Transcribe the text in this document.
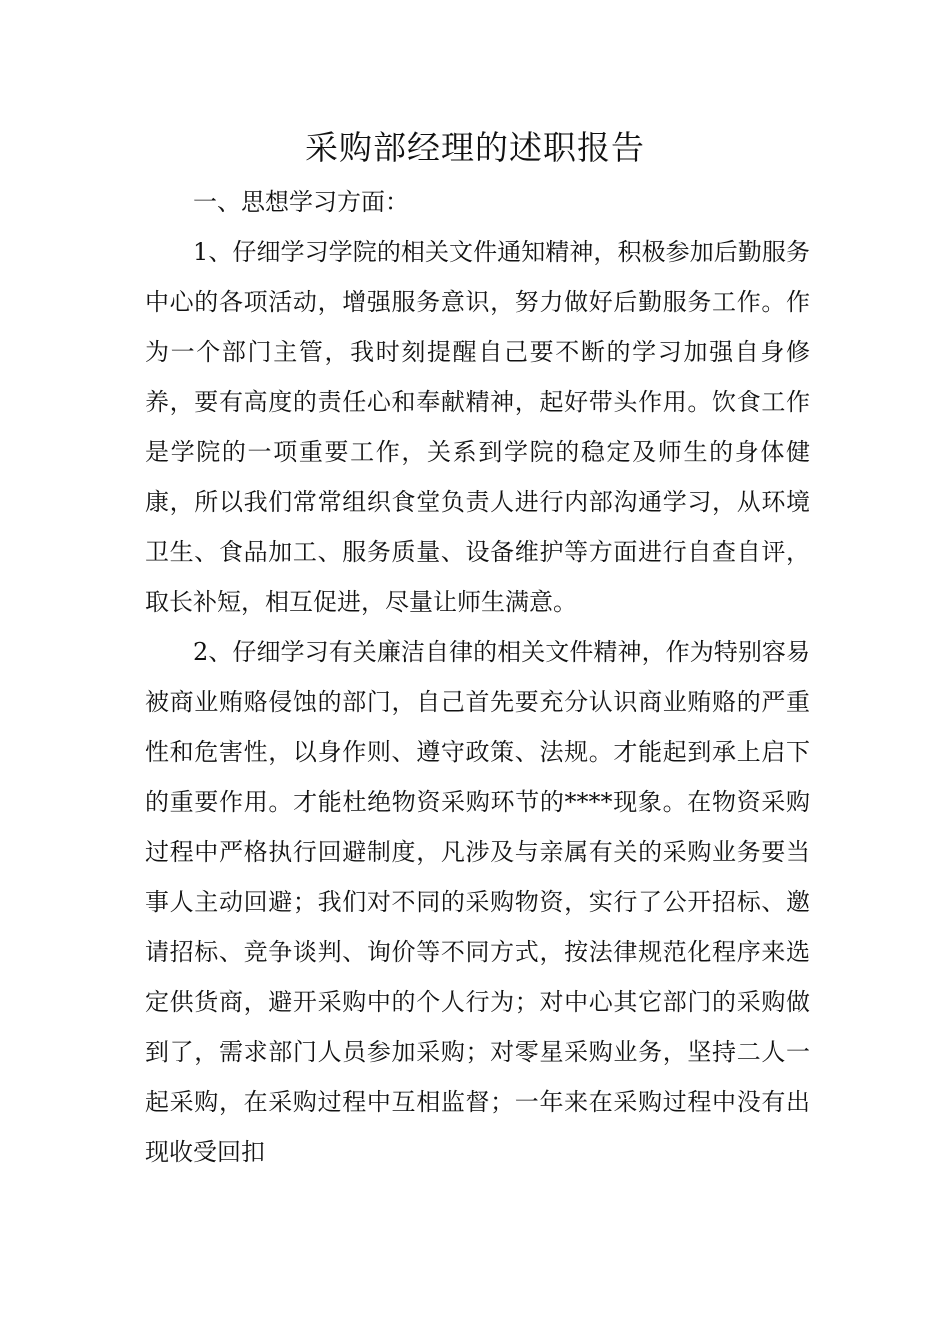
采购部经理的述职报告

一、思想学习方面：

1、仔细学习学院的相关文件通知精神，积极参加后勤服务中心的各项活动，增强服务意识，努力做好后勤服务工作。作为一个部门主管，我时刻提醒自己要不断的学习加强自身修养，要有高度的责任心和奉献精神，起好带头作用。饮食工作是学院的一项重要工作，关系到学院的稳定及师生的身体健康，所以我们常常组织食堂负责人进行内部沟通学习，从环境卫生、食品加工、服务质量、设备维护等方面进行自查自评，取长补短，相互促进，尽量让师生满意。

2、仔细学习有关廉洁自律的相关文件精神，作为特别容易被商业贿赂侵蚀的部门，自己首先要充分认识商业贿赂的严重性和危害性，以身作则、遵守政策、法规。才能起到承上启下的重要作用。才能杜绝物资采购环节的****现象。在物资采购过程中严格执行回避制度，凡涉及与亲属有关的采购业务要当事人主动回避；我们对不同的采购物资，实行了公开招标、邀请招标、竞争谈判、询价等不同方式，按法律规范化程序来选定供货商，避开采购中的个人行为；对中心其它部门的采购做到了，需求部门人员参加采购；对零星采购业务，坚持二人一起采购，在采购过程中互相监督；一年来在采购过程中没有出现收受回扣
